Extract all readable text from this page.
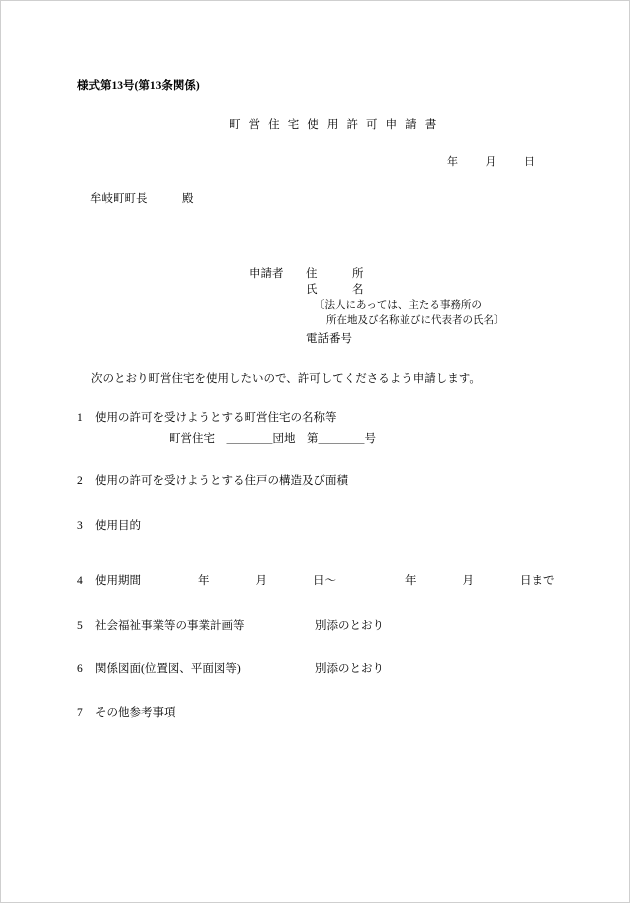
様式第13号(第13条関係)
町 営 住 宅 使 用 許 可 申 請 書
年          月          日
牟岐町町長　　　殿
申請者 住　　　所
氏　　　名
〔法人にあっては、主たる事務所の
所在地及び名称並びに代表者の氏名〕
電話番号
次のとおり町営住宅を使用したいので、許可してくださるよう申請します。
1 使用の許可を受けようとする町営住宅の名称等
町営住宅　＿＿＿＿団地　第＿＿＿＿号
2 使用の許可を受けようとする住戸の構造及び面積
3 使用目的
4 使用期間	年　　　　月　　　　日〜　　　　　　年　　　　月　　　　日まで
5 社会福祉事業等の事業計画等	別添のとおり
6 関係図面(位置図、平面図等)	別添のとおり
7 その他参考事項
